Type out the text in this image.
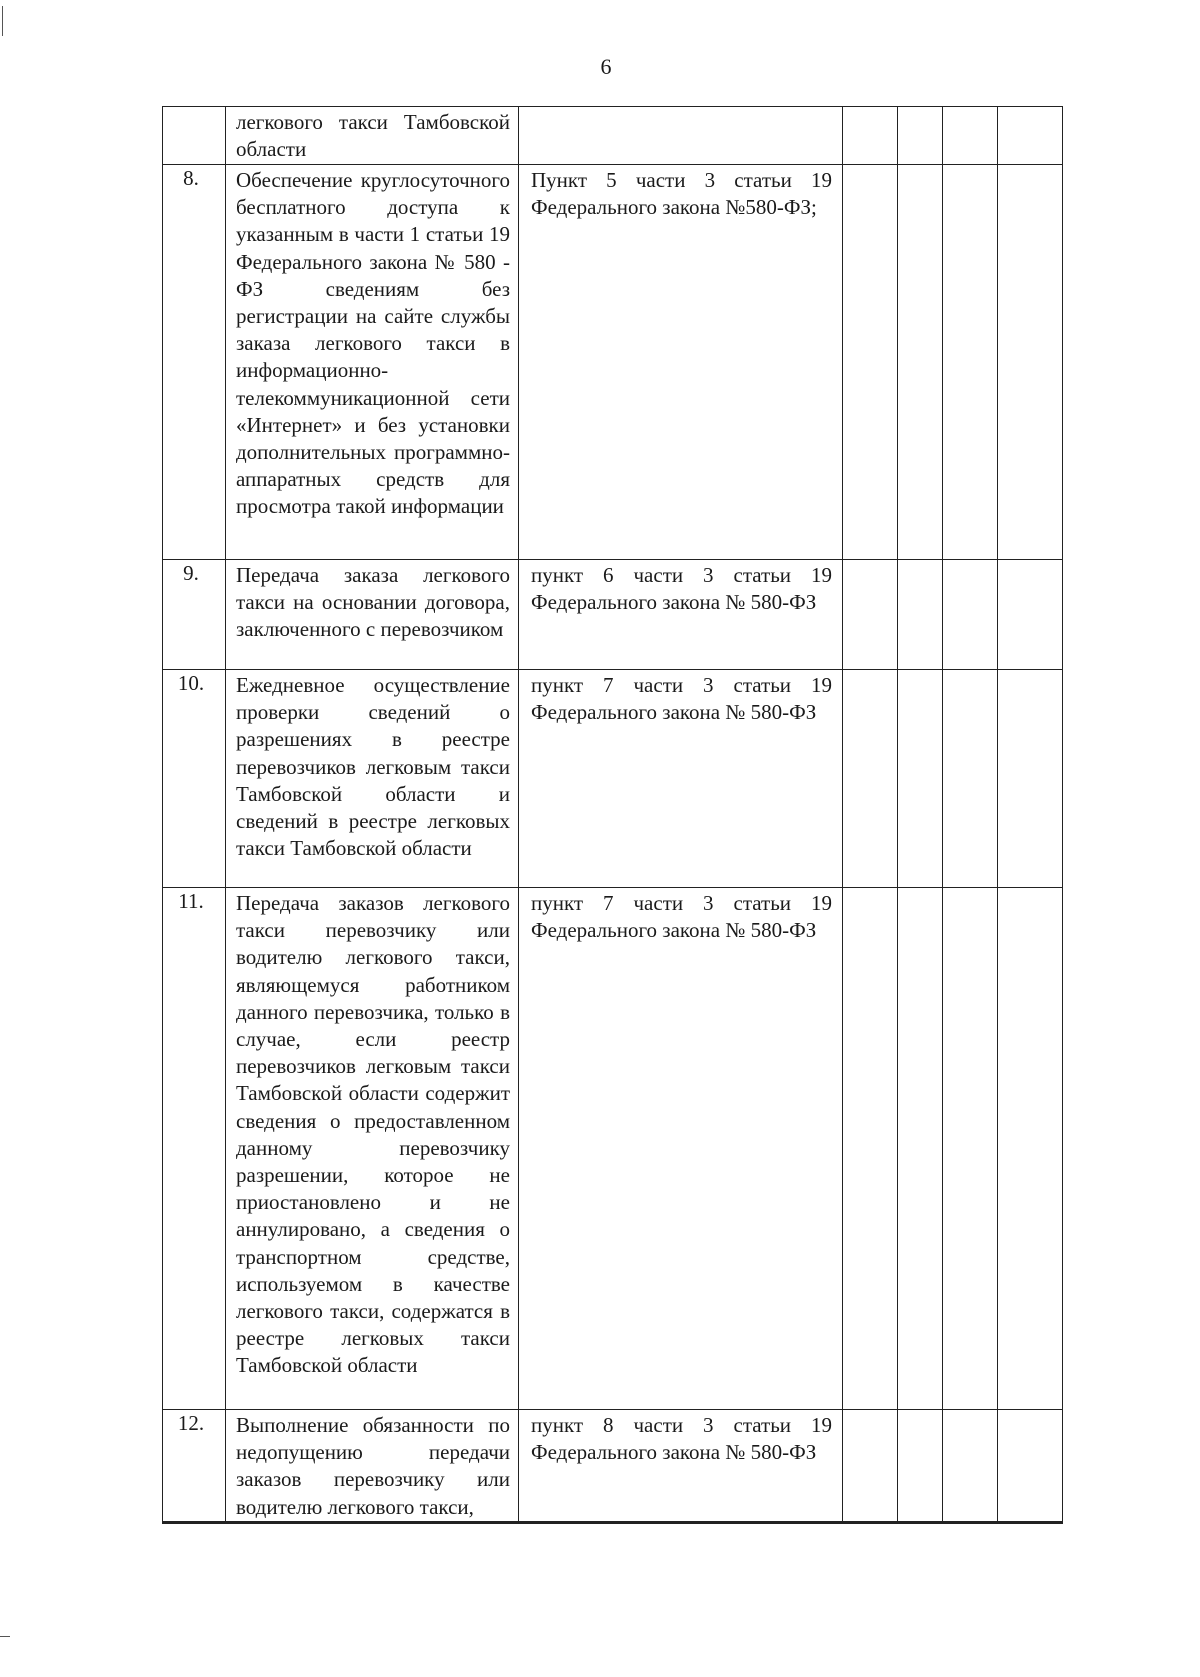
6
	легкового такси Тамбовской области					
8.	Обеспечение круглосуточного бесплатного доступа к указанным в части 1 статьи 19 Федерального закона № 580 - ФЗ сведениям без регистрации на сайте службы заказа легкового такси в информационно-телекоммуникационной сети «Интернет» и без установки дополнительных программно-аппаратных средств для просмотра такой информации	Пункт 5 части 3 статьи 19 Федерального закона №580-ФЗ;				
9.	Передача заказа легкового такси на основании договора, заключенного с перевозчиком	пункт 6 части 3 статьи 19 Федерального закона № 580-ФЗ				
10.	Ежедневное осуществление проверки сведений о разрешениях в реестре перевозчиков легковым такси Тамбовской области и сведений в реестре легковых такси Тамбовской области	пункт 7 части 3 статьи 19 Федерального закона № 580-ФЗ				
11.	Передача заказов легкового такси перевозчику или водителю легкового такси, являющемуся работником данного перевозчика, только в случае, если реестр перевозчиков легковым такси Тамбовской области содержит сведения о предоставленном данному перевозчику разрешении, которое не приостановлено и не аннулировано, а сведения о транспортном средстве, используемом в качестве легкового такси, содержатся в реестре легковых такси Тамбовской области	пункт 7 части 3 статьи 19 Федерального закона № 580-ФЗ				
12.	Выполнение обязанности по недопущению передачи заказов перевозчику или водителю легкового такси,	пункт 8 части 3 статьи 19 Федерального закона № 580-ФЗ				
